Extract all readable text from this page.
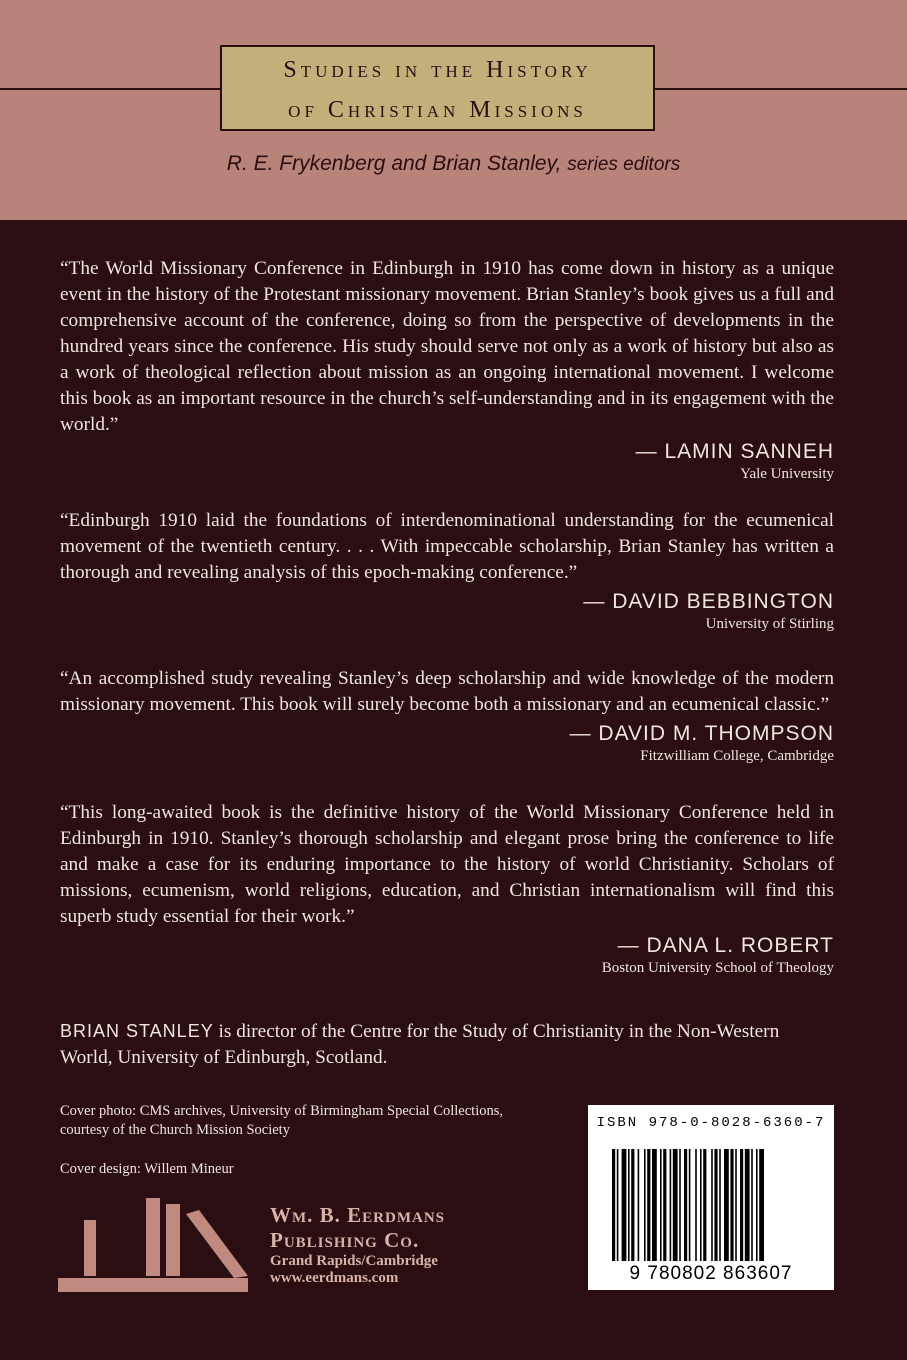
Studies in the History
of Christian Missions
R. E. Frykenberg and Brian Stanley, series editors

“The World Missionary Conference in Edinburgh in 1910 has come down in history as a unique event in the history of the Protestant missionary movement. Brian Stanley’s book gives us a full and comprehensive account of the conference, doing so from the perspective of developments in the hundred years since the conference. His study should serve not only as a work of history but also as a work of theological reflection about mission as an ongoing international movement. I welcome this book as an important resource in the church’s self-understanding and in its engagement with the world.”

— LAMIN SANNEH
Yale University

“Edinburgh 1910 laid the foundations of interdenominational understanding for the ecumenical movement of the twentieth century. . . . With impeccable scholarship, Brian Stanley has written a thorough and revealing analysis of this epoch-making conference.”

— DAVID BEBBINGTON
University of Stirling

“An accomplished study revealing Stanley’s deep scholarship and wide knowledge of the modern missionary movement. This book will surely become both a missionary and an ecumenical classic.”

— DAVID M. THOMPSON
Fitzwilliam College, Cambridge

“This long-awaited book is the definitive history of the World Missionary Conference held in Edinburgh in 1910. Stanley’s thorough scholarship and elegant prose bring the conference to life and make a case for its enduring importance to the history of world Christianity. Scholars of missions, ecumenism, world religions, education, and Christian internationalism will find this superb study essential for their work.”

— DANA L. ROBERT
Boston University School of Theology
BRIAN STANLEY is director of the Centre for the Study of Christianity in the Non-Western World, University of Edinburgh, Scotland.
Cover photo: CMS archives, University of Birmingham Special Collections,
courtesy of the Church Mission Society
Cover design: Willem Mineur
Wm. B. Eerdmans
Publishing Co.
Grand Rapids/Cambridge
www.eerdmans.com
ISBN 978-0-8028-6360-7
9 780802 863607
